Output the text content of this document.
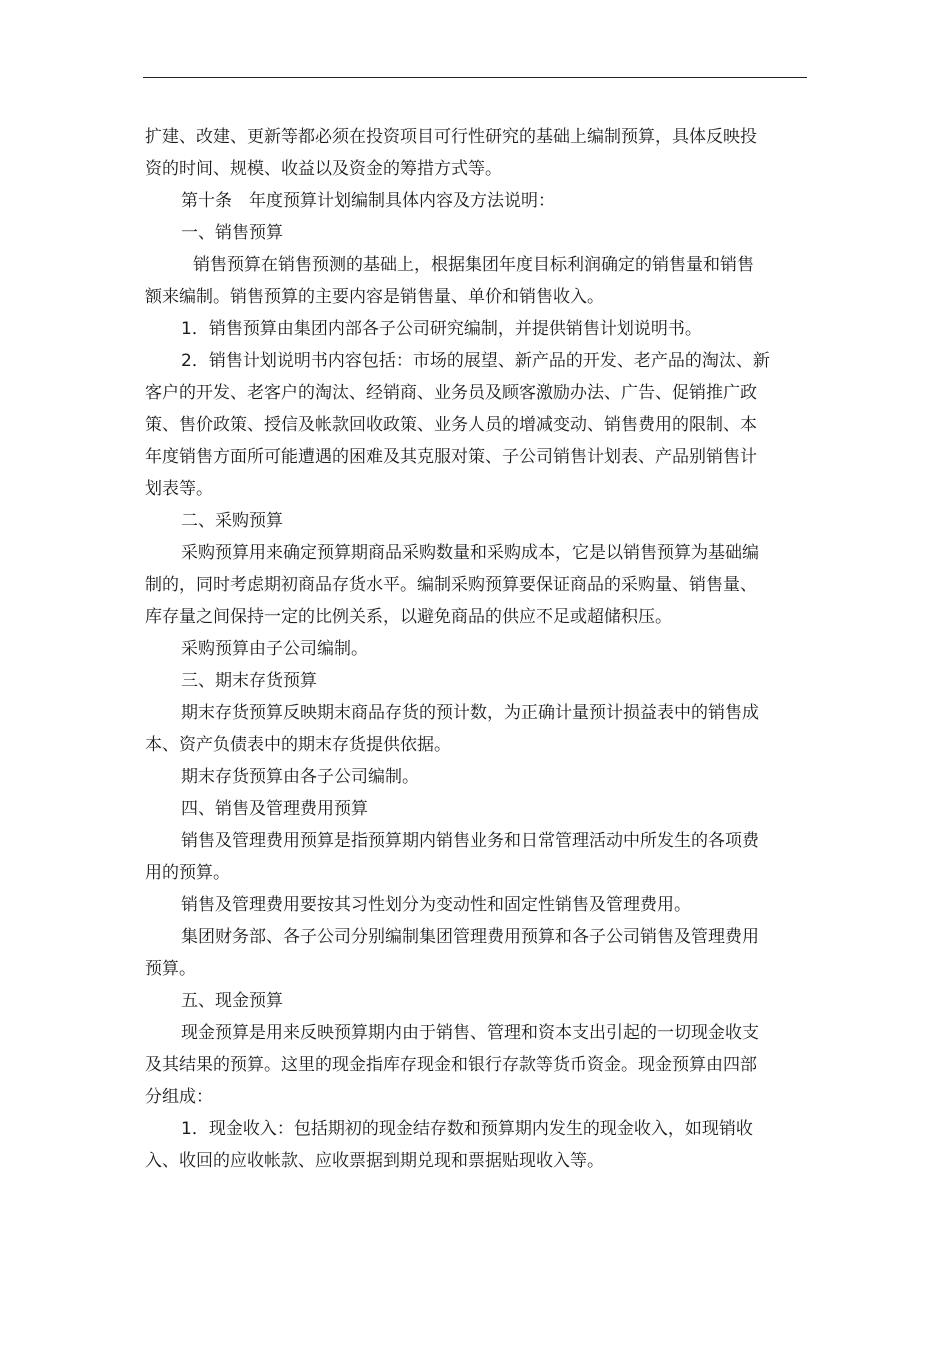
扩建、改建、更新等都必须在投资项目可行性研究的基础上编制预算，具体反映投资的时间、规模、收益以及资金的筹措方式等。

第十条　年度预算计划编制具体内容及方法说明：

一、销售预算

销售预算在销售预测的基础上，根据集团年度目标利润确定的销售量和销售额来编制。销售预算的主要内容是销售量、单价和销售收入。

1．销售预算由集团内部各子公司研究编制，并提供销售计划说明书。

2．销售计划说明书内容包括：市场的展望、新产品的开发、老产品的淘汰、新客户的开发、老客户的淘汰、经销商、业务员及顾客激励办法、广告、促销推广政策、售价政策、授信及帐款回收政策、业务人员的增减变动、销售费用的限制、本年度销售方面所可能遭遇的困难及其克服对策、子公司销售计划表、产品别销售计划表等。

二、采购预算

采购预算用来确定预算期商品采购数量和采购成本，它是以销售预算为基础编制的，同时考虑期初商品存货水平。编制采购预算要保证商品的采购量、销售量、库存量之间保持一定的比例关系，以避免商品的供应不足或超储积压。

采购预算由子公司编制。

三、期末存货预算

期末存货预算反映期末商品存货的预计数，为正确计量预计损益表中的销售成本、资产负债表中的期末存货提供依据。

期末存货预算由各子公司编制。

四、销售及管理费用预算

销售及管理费用预算是指预算期内销售业务和日常管理活动中所发生的各项费用的预算。

销售及管理费用要按其习性划分为变动性和固定性销售及管理费用。

集团财务部、各子公司分别编制集团管理费用预算和各子公司销售及管理费用预算。

五、现金预算

现金预算是用来反映预算期内由于销售、管理和资本支出引起的一切现金收支及其结果的预算。这里的现金指库存现金和银行存款等货币资金。现金预算由四部分组成：

1．现金收入：包括期初的现金结存数和预算期内发生的现金收入，如现销收入、收回的应收帐款、应收票据到期兑现和票据贴现收入等。
